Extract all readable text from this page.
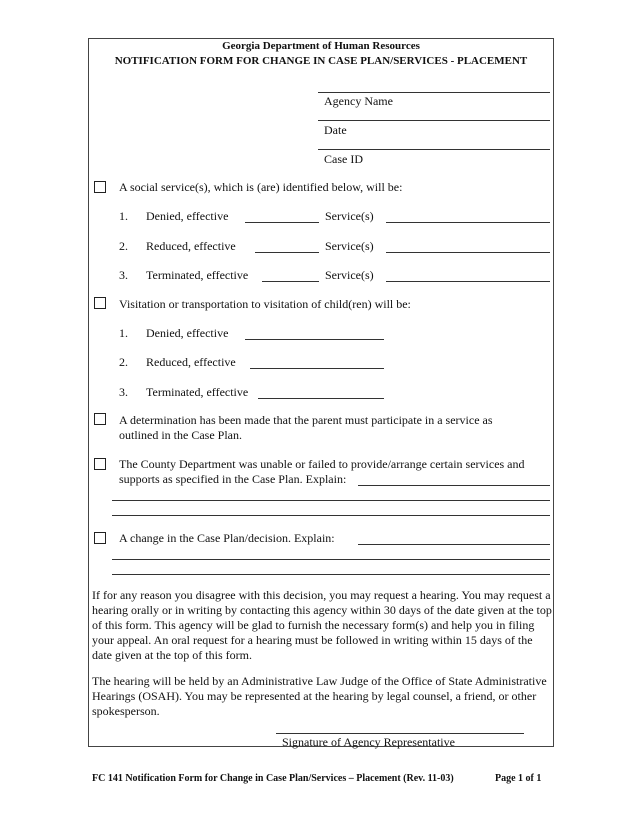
Georgia Department of Human Resources
NOTIFICATION FORM FOR CHANGE IN CASE PLAN/SERVICES - PLACEMENT
Agency Name
Date
Case ID
A social service(s), which is (are) identified below, will be:
1. Denied, effective	Service(s)
2. Reduced, effective	Service(s)
3. Terminated, effective	Service(s)
Visitation or transportation to visitation of child(ren) will be:
1. Denied, effective
2. Reduced, effective
3. Terminated, effective
A determination has been made that the parent must participate in a service as
outlined in the Case Plan.
The County Department was unable or failed to provide/arrange certain services and
supports as specified in the Case Plan. Explain:
A change in the Case Plan/decision. Explain:
If for any reason you disagree with this decision, you may request a hearing. You may request a hearing orally or in writing by contacting this agency within 30 days of the date given at the top of this form. This agency will be glad to furnish the necessary form(s) and help you in filing your appeal. An oral request for a hearing must be followed in writing within 15 days of the date given at the top of this form.
The hearing will be held by an Administrative Law Judge of the Office of State Administrative Hearings (OSAH). You may be represented at the hearing by legal counsel, a friend, or other spokesperson.
Signature of Agency Representative
FC 141 Notification Form for Change in Case Plan/Services – Placement (Rev. 11-03)	Page 1 of 1
